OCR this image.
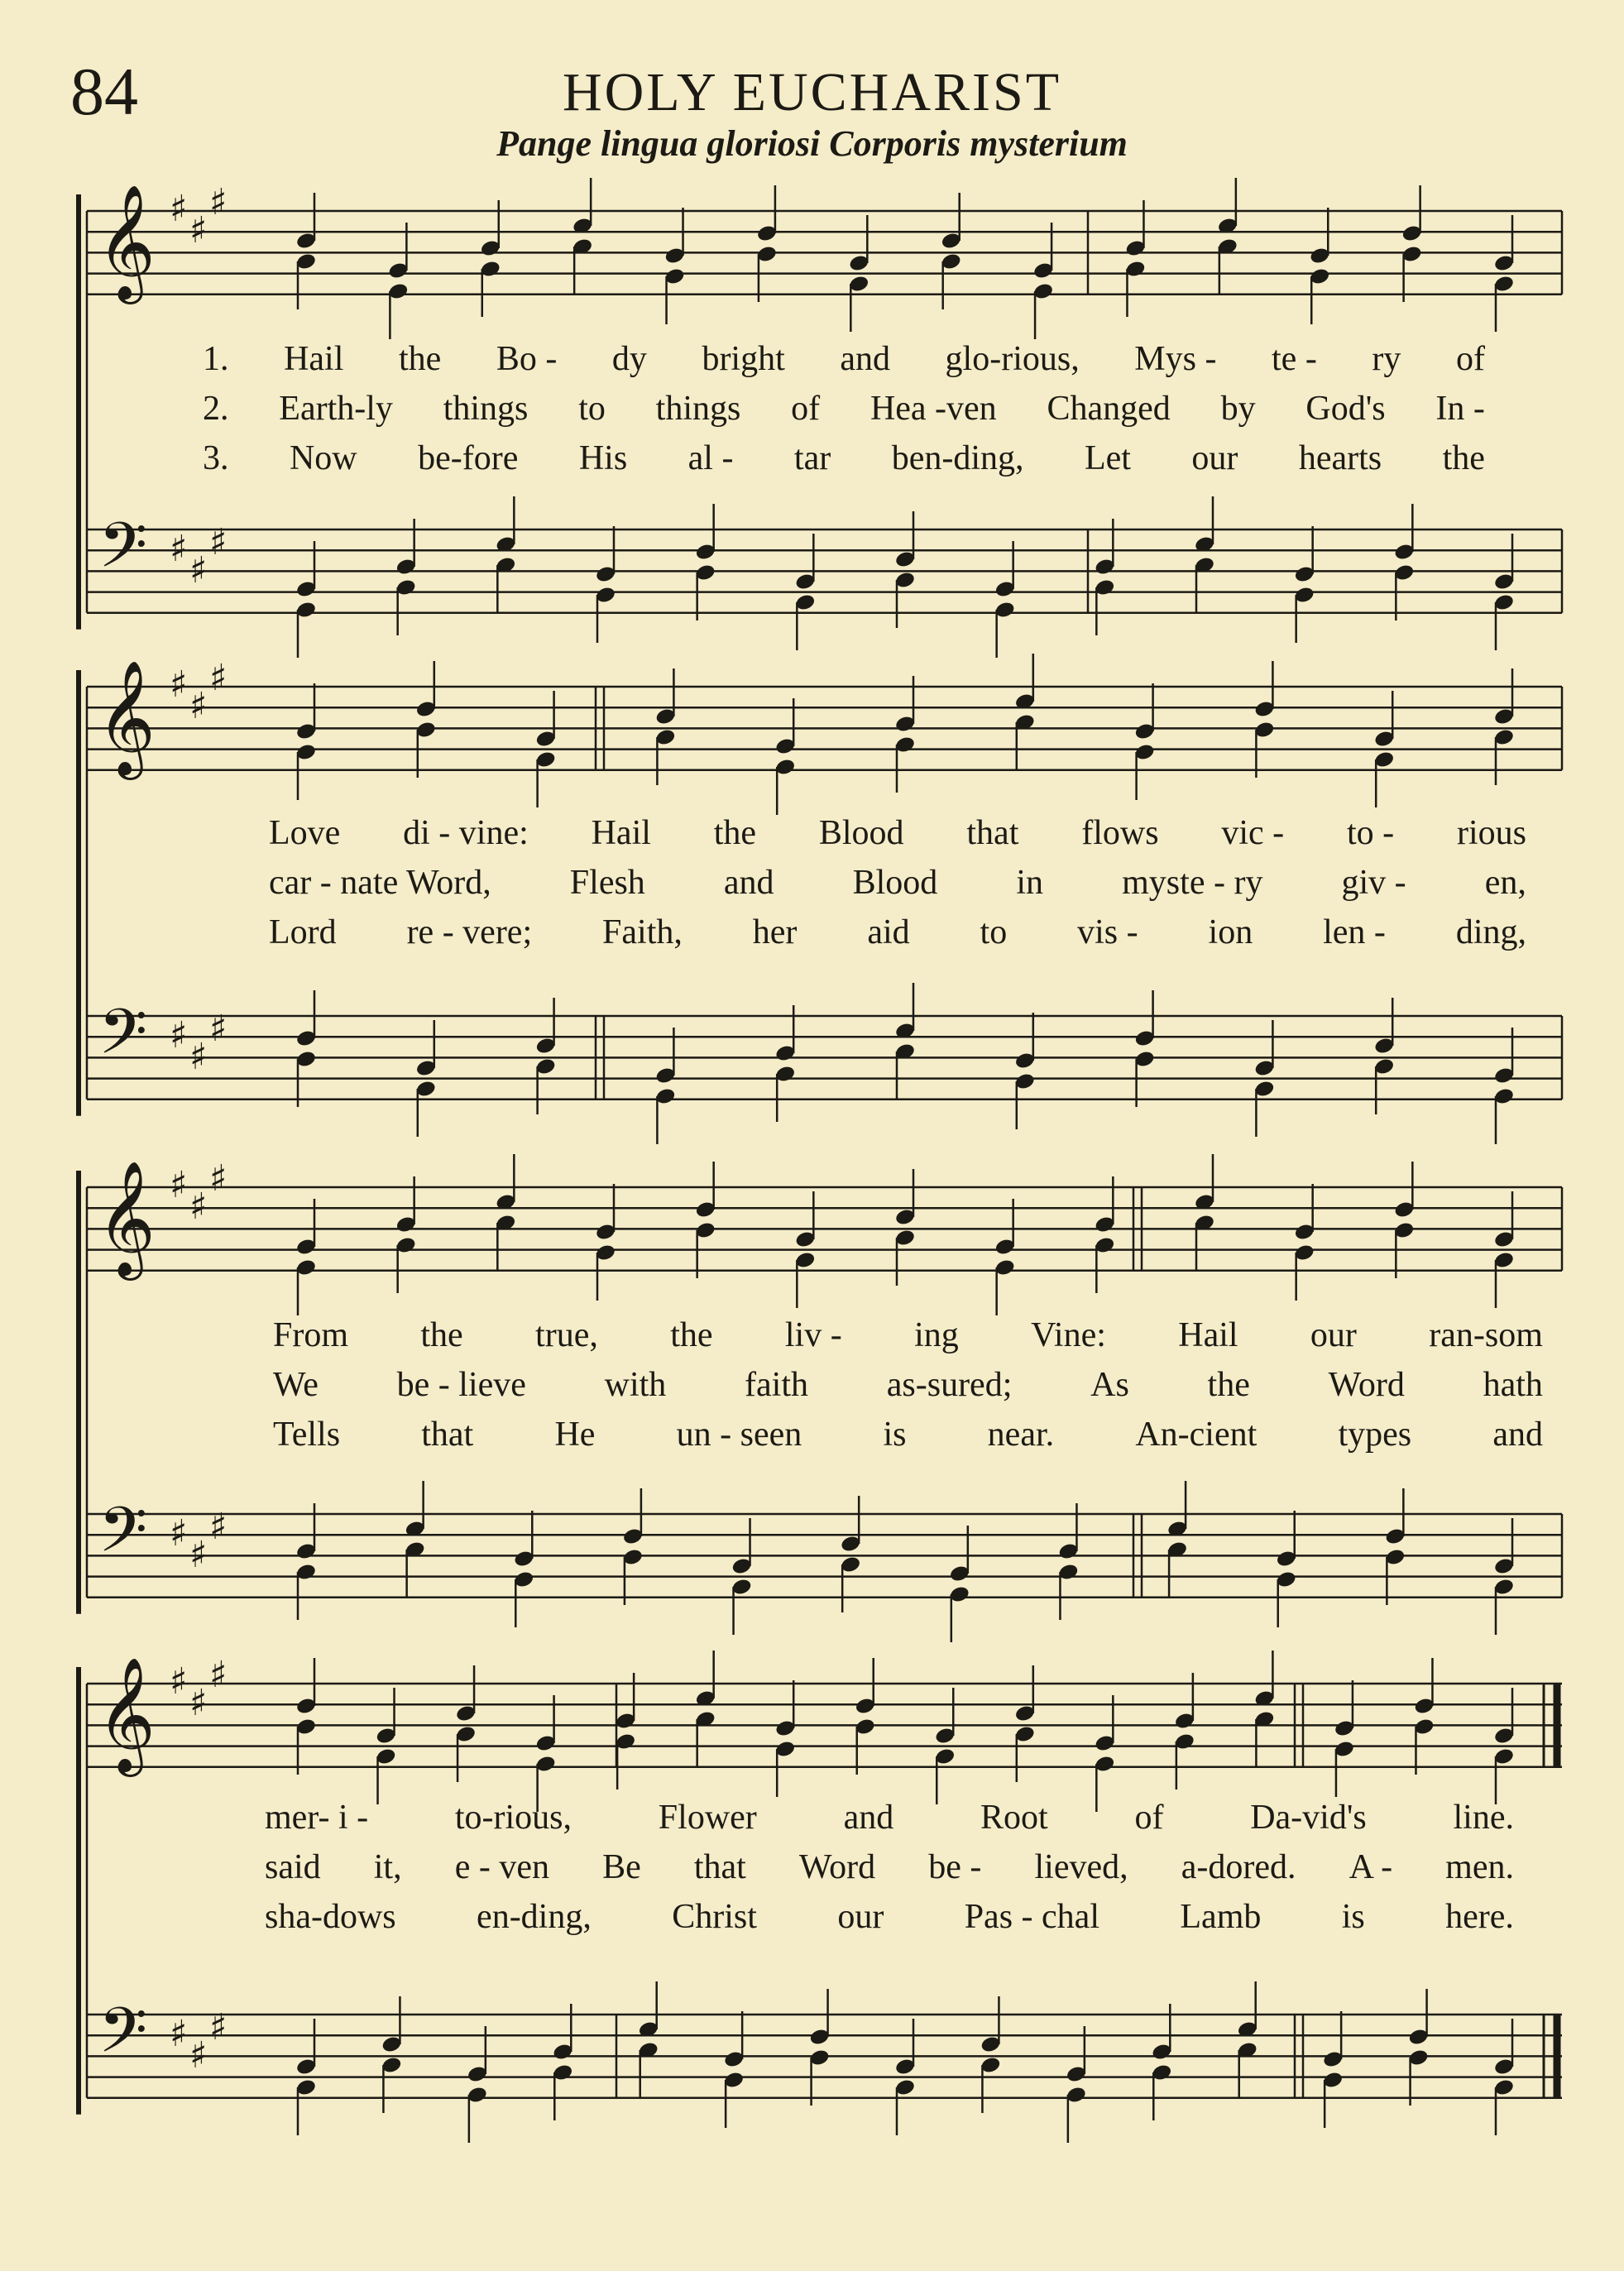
84	HOLY EUCHARIST
Pange lingua gloriosi Corporis mysterium
𝄞
𝄢
♯
♯
♯
♯
♯
♯
𝄞
𝄢
♯
♯
♯
♯
♯
♯
𝄞
𝄢
♯
♯
♯
♯
♯
♯
𝄞
𝄢
♯
♯
♯
♯
♯
♯
1. Hail the Bo - dy bright and glo-rious, Mys - te - ry of
2. Earth-ly things to things of Hea -ven Changed by God's In -
3. Now be-fore His al - tar ben-ding, Let our hearts the
Love di - vine: Hail the Blood that flows vic - to - rious
car - nate Word, Flesh and Blood in myste - ry giv - en,
Lord re - vere; Faith, her aid to vis - ion len - ding,
From the true, the liv - ing Vine: Hail our ran-som
We be - lieve with faith as-sured; As the Word hath
Tells that He un - seen is near. An-cient types and
mer- i - to-rious, Flower and Root of Da-vid's line.
said it, e - ven Be that Word be - lieved, a-dored. A - men.
sha-dows en-ding, Christ our Pas - chal Lamb is here.
